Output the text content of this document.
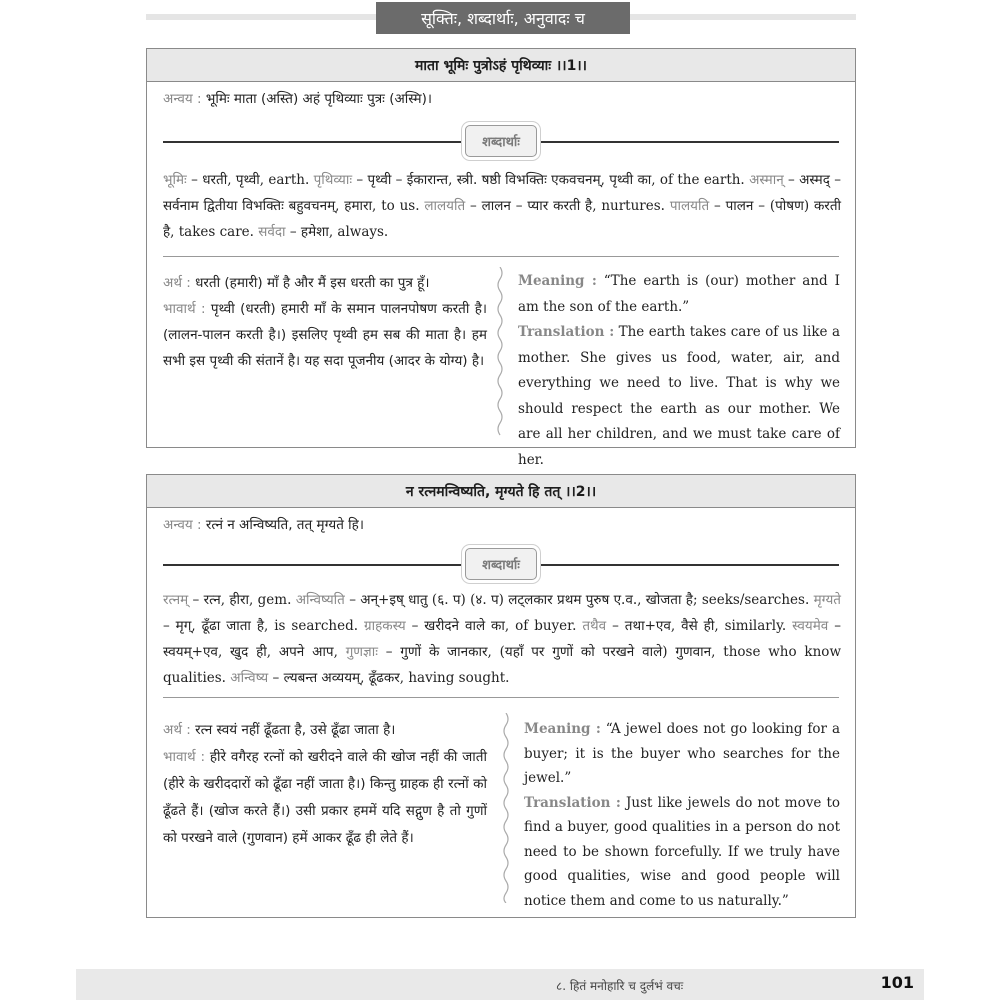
सूक्तिः, शब्दार्थाः, अनुवादः च
माता भूमिः पुत्रोऽहं पृथिव्याः ।।1।।
अन्वय : भूमिः माता (अस्ति) अहं पृथिव्याः पुत्रः (अस्मि)।
शब्दार्थाः
भूमिः – धरती, पृथ्वी, earth. पृथिव्याः – पृथ्वी – ईकारान्त, स्त्री. षष्ठी विभक्तिः एकवचनम्, पृथ्वी का, of the earth. अस्मान् – अस्मद् – सर्वनाम द्वितीया विभक्तिः बहुवचनम्, हमारा, to us. लालयति – लालन – प्यार करती है, nurtures. पालयति – पालन – (पोषण) करती है, takes care. सर्वदा – हमेशा, always.
अर्थ : धरती (हमारी) माँ है और मैं इस धरती का पुत्र हूँ।
भावार्थ : पृथ्वी (धरती) हमारी माँ के समान पालनपोषण करती है। (लालन-पालन करती है।) इसलिए पृथ्वी हम सब की माता है। हम सभी इस पृथ्वी की संतानें है। यह सदा पूजनीय (आदर के योग्य) है।
Meaning : “The earth is (our) mother and I am the son of the earth.”
Translation : The earth takes care of us like a mother. She gives us food, water, air, and everything we need to live. That is why we should respect the earth as our mother. We are all her children, and we must take care of her.
न रत्नमन्विष्यति, मृग्यते हि तत् ।।2।।
अन्वय : रत्नं न अन्विष्यति, तत् मृग्यते हि।
शब्दार्थाः
रत्नम् – रत्न, हीरा, gem. अन्विष्यति – अन्+इष् धातु (६. प) (४. प) लट्लकार प्रथम पुरुष ए.व., खोजता है; seeks/searches. मृग्यते – मृग्, ढूँढा जाता है, is searched. ग्राहकस्य – खरीदने वाले का, of buyer. तथैव – तथा+एव, वैसे ही, similarly. स्वयमेव – स्वयम्+एव, खुद ही, अपने आप, गुणज्ञाः – गुणों के जानकार, (यहाँ पर गुणों को परखने वाले) गुणवान, those who know qualities. अन्विष्य – ल्यबन्त अव्ययम्, ढूँढकर, having sought.
अर्थ : रत्न स्वयं नहीं ढूँढता है, उसे ढूँढा जाता है।
भावार्थ : हीरे वगैरह रत्नों को खरीदने वाले की खोज नहीं की जाती (हीरे के खरीददारों को ढूँढा नहीं जाता है।) किन्तु ग्राहक ही रत्नों को ढूँढते हैं। (खोज करते हैं।) उसी प्रकार हममें यदि सद्गुण है तो गुणों को परखने वाले (गुणवान) हमें आकर ढूँढ ही लेते हैं।
Meaning : “A jewel does not go looking for a buyer; it is the buyer who searches for the jewel.”
Translation : Just like jewels do not move to find a buyer, good qualities in a person do not need to be shown forcefully. If we truly have good qualities, wise and good people will notice them and come to us naturally.”
८. हितं मनोहारि च दुर्लभं वचः	101
